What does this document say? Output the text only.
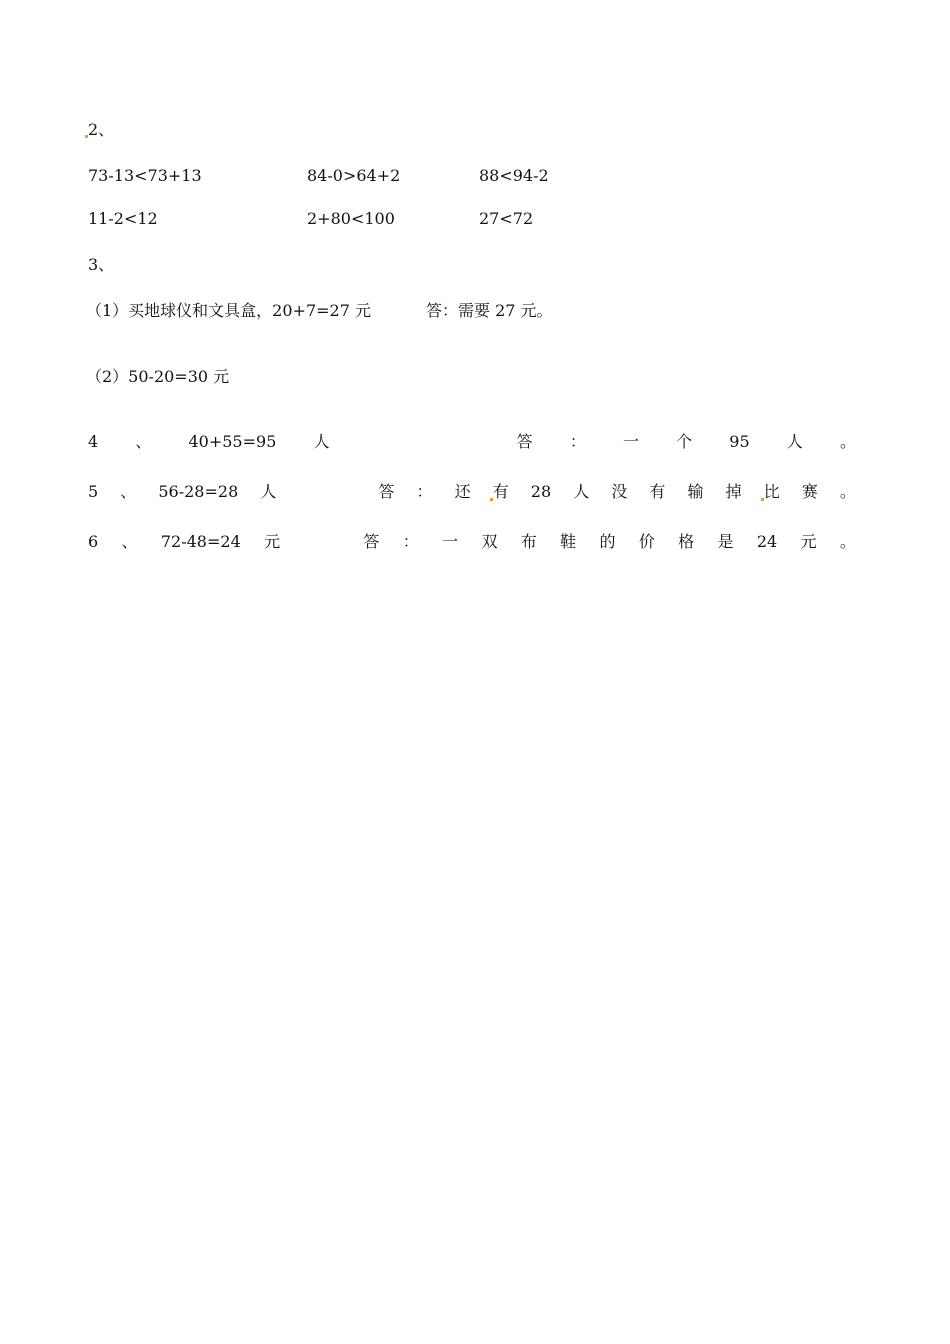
2、
73-13<73+13	84-0>64+2	88<94-2
11-2<12	2+80<100	27<72
3、
（1）买地球仪和文具盒，20+7=27 元	答：需要 27 元。
（2）50-20=30 元
4 、 40+55=95 人	答 ： 一 个 95 人 。
5 、 56-28=28 人	答 ： 还 有 28 人 没 有 输 掉 比 赛 。
6 、 72-48=24 元	答 ： 一 双 布 鞋 的 价 格 是 24 元 。
